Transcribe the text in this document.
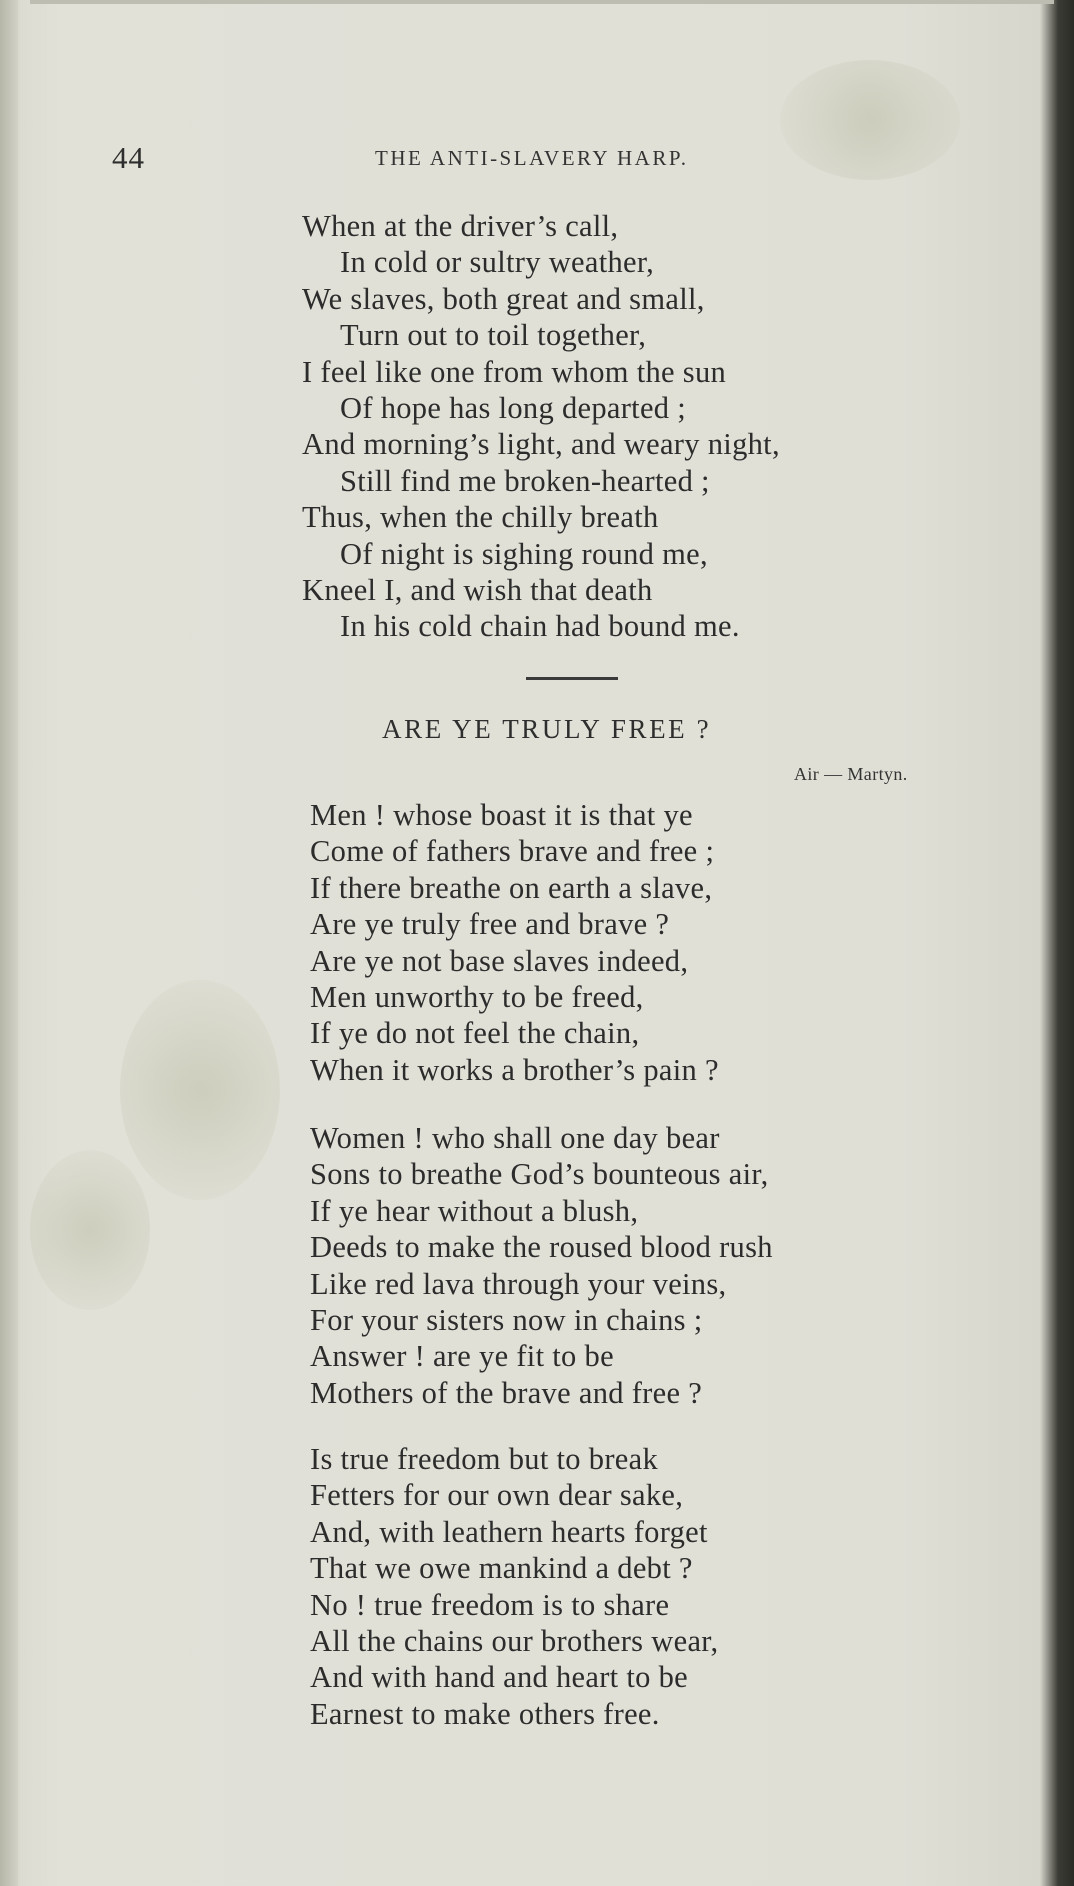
44	THE ANTI-SLAVERY HARP.
When at the driver’s call,
In cold or sultry weather,
We slaves, both great and small,
Turn out to toil together,
I feel like one from whom the sun
Of hope has long departed ;
And morning’s light, and weary night,
Still find me broken-hearted ;
Thus, when the chilly breath
Of night is sighing round me,
Kneel I, and wish that death
In his cold chain had bound me.
ARE YE TRULY FREE ?
Air — Martyn.
Men ! whose boast it is that ye
Come of fathers brave and free ;
If there breathe on earth a slave,
Are ye truly free and brave ?
Are ye not base slaves indeed,
Men unworthy to be freed,
If ye do not feel the chain,
When it works a brother’s pain ?
Women ! who shall one day bear
Sons to breathe God’s bounteous air,
If ye hear without a blush,
Deeds to make the roused blood rush
Like red lava through your veins,
For your sisters now in chains ;
Answer ! are ye fit to be
Mothers of the brave and free ?
Is true freedom but to break
Fetters for our own dear sake,
And, with leathern hearts forget
That we owe mankind a debt ?
No ! true freedom is to share
All the chains our brothers wear,
And with hand and heart to be
Earnest to make others free.
